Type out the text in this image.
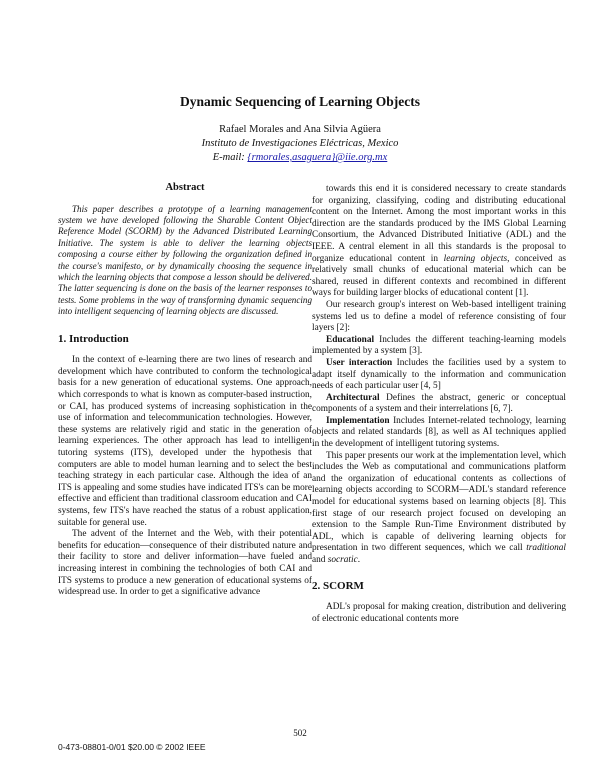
Dynamic Sequencing of Learning Objects
Rafael Morales and Ana Silvia Agüera
Instituto de Investigaciones Eléctricas, Mexico
E-mail: {rmorales,asaguera}@iie.org.mx
Abstract

This paper describes a prototype of a learning management system we have developed following the Sharable Content Object Reference Model (SCORM) by the Advanced Distributed Learning Initiative. The system is able to deliver the learning objects composing a course either by following the organization defined in the course's manifesto, or by dynamically choosing the sequence in which the learning objects that compose a lesson should be delivered. The latter sequencing is done on the basis of the learner responses to tests. Some problems in the way of transforming dynamic sequencing into intelligent sequencing of learning objects are discussed.

1. Introduction

In the context of e-learning there are two lines of research and development which have contributed to conform the technological basis for a new generation of educational systems. One approach, which corresponds to what is known as computer-based instruction, or CAI, has produced systems of increasing sophistication in the use of information and telecommunication technologies. However, these systems are relatively rigid and static in the generation of learning experiences. The other approach has lead to intelligent tutoring systems (ITS), developed under the hypothesis that computers are able to model human learning and to select the best teaching strategy in each particular case. Although the idea of an ITS is appealing and some studies have indicated ITS's can be more effective and efficient than traditional classroom education and CAI systems, few ITS's have reached the status of a robust application, suitable for general use.

The advent of the Internet and the Web, with their potential benefits for education—consequence of their distributed nature and their facility to store and deliver information—have fueled and increasing interest in combining the technologies of both CAI and ITS systems to produce a new generation of educational systems of widespread use. In order to get a significative advance

towards this end it is considered necessary to create standards for organizing, classifying, coding and distributing educational content on the Internet. Among the most important works in this direction are the standards produced by the IMS Global Learning Consortium, the Advanced Distributed Initiative (ADL) and the IEEE. A central element in all this standards is the proposal to organize educational content in learning objects, conceived as relatively small chunks of educational material which can be shared, reused in different contexts and recombined in different ways for building larger blocks of educational content [1].

Our research group's interest on Web-based intelligent training systems led us to define a model of reference consisting of four layers [2]:

Educational Includes the different teaching-learning models implemented by a system [3].

User interaction Includes the facilities used by a system to adapt itself dynamically to the information and communication needs of each particular user [4, 5]

Architectural Defines the abstract, generic or conceptual components of a system and their interrelations [6, 7].

Implementation Includes Internet-related technology, learning objects and related standards [8], as well as AI techniques applied in the development of intelligent tutoring systems.

This paper presents our work at the implementation level, which includes the Web as computational and communications platform and the organization of educational contents as collections of learning objects according to SCORM—ADL's standard reference model for educational systems based on learning objects [8]. This first stage of our research project focused on developing an extension to the Sample Run-Time Environment distributed by ADL, which is capable of delivering learning objects for presentation in two different sequences, which we call traditional and socratic.

2. SCORM

ADL's proposal for making creation, distribution and delivering of electronic educational contents more

502
0-473-08801-0/01 $20.00 © 2002 IEEE
